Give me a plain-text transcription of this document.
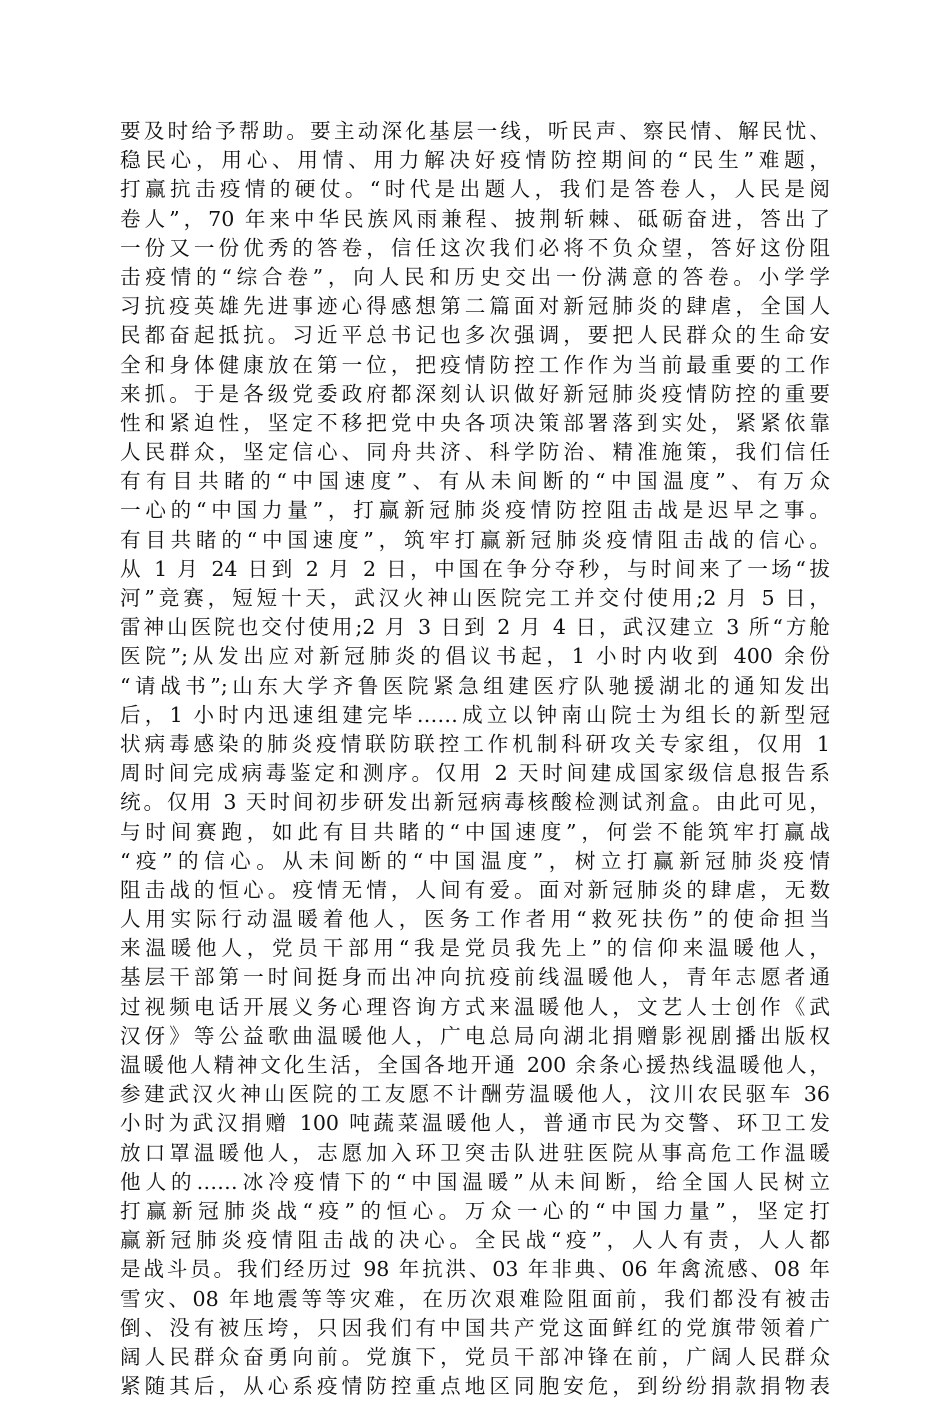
要及时给予帮助。要主动深化基层一线，听民声、察民情、解民忧、
稳民心，用心、用情、用力解决好疫情防控期间的“民生”难题，
打赢抗击疫情的硬仗。“时代是出题人，我们是答卷人，人民是阅
卷人”，70 年来中华民族风雨兼程、披荆斩棘、砥砺奋进，答出了
一份又一份优秀的答卷，信任这次我们必将不负众望，答好这份阻
击疫情的“综合卷”，向人民和历史交出一份满意的答卷。小学学
习抗疫英雄先进事迹心得感想第二篇面对新冠肺炎的肆虐，全国人
民都奋起抵抗。习近平总书记也多次强调，要把人民群众的生命安
全和身体健康放在第一位，把疫情防控工作作为当前最重要的工作
来抓。于是各级党委政府都深刻认识做好新冠肺炎疫情防控的重要
性和紧迫性，坚定不移把党中央各项决策部署落到实处，紧紧依靠
人民群众，坚定信心、同舟共济、科学防治、精准施策，我们信任
有有目共睹的“中国速度”、有从未间断的“中国温度”、有万众
一心的“中国力量”，打赢新冠肺炎疫情防控阻击战是迟早之事。
有目共睹的“中国速度”，筑牢打赢新冠肺炎疫情阻击战的信心。
从 1 月 24 日到 2 月 2 日，中国在争分夺秒，与时间来了一场“拔
河”竞赛，短短十天，武汉火神山医院完工并交付使用;2 月 5 日，
雷神山医院也交付使用;2 月 3 日到 2 月 4 日，武汉建立 3 所“方舱
医院”;从发出应对新冠肺炎的倡议书起，1 小时内收到 400 余份
“请战书”;山东大学齐鲁医院紧急组建医疗队驰援湖北的通知发出
后，1 小时内迅速组建完毕……成立以钟南山院士为组长的新型冠
状病毒感染的肺炎疫情联防联控工作机制科研攻关专家组，仅用 1
周时间完成病毒鉴定和测序。仅用 2 天时间建成国家级信息报告系
统。仅用 3 天时间初步研发出新冠病毒核酸检测试剂盒。由此可见，
与时间赛跑，如此有目共睹的“中国速度”，何尝不能筑牢打赢战
“疫”的信心。从未间断的“中国温度”，树立打赢新冠肺炎疫情
阻击战的恒心。疫情无情，人间有爱。面对新冠肺炎的肆虐，无数
人用实际行动温暖着他人，医务工作者用“救死扶伤”的使命担当
来温暖他人，党员干部用“我是党员我先上”的信仰来温暖他人，
基层干部第一时间挺身而出冲向抗疫前线温暖他人，青年志愿者通
过视频电话开展义务心理咨询方式来温暖他人，文艺人士创作《武
汉伢》等公益歌曲温暖他人，广电总局向湖北捐赠影视剧播出版权
温暖他人精神文化生活，全国各地开通 200 余条心援热线温暖他人，
参建武汉火神山医院的工友愿不计酬劳温暖他人，汶川农民驱车 36
小时为武汉捐赠 100 吨蔬菜温暖他人，普通市民为交警、环卫工发
放口罩温暖他人，志愿加入环卫突击队进驻医院从事高危工作温暖
他人的……冰冷疫情下的“中国温暖”从未间断，给全国人民树立
打赢新冠肺炎战“疫”的恒心。万众一心的“中国力量”，坚定打
赢新冠肺炎疫情阻击战的决心。全民战“疫”，人人有责，人人都
是战斗员。我们经历过 98 年抗洪、03 年非典、06 年禽流感、08 年
雪灾、08 年地震等等灾难，在历次艰难险阻面前，我们都没有被击
倒、没有被压垮，只因我们有中国共产党这面鲜红的党旗带领着广
阔人民群众奋勇向前。党旗下，党员干部冲锋在前，广阔人民群众
紧随其后，从心系疫情防控重点地区同胞安危，到纷纷捐款捐物表
